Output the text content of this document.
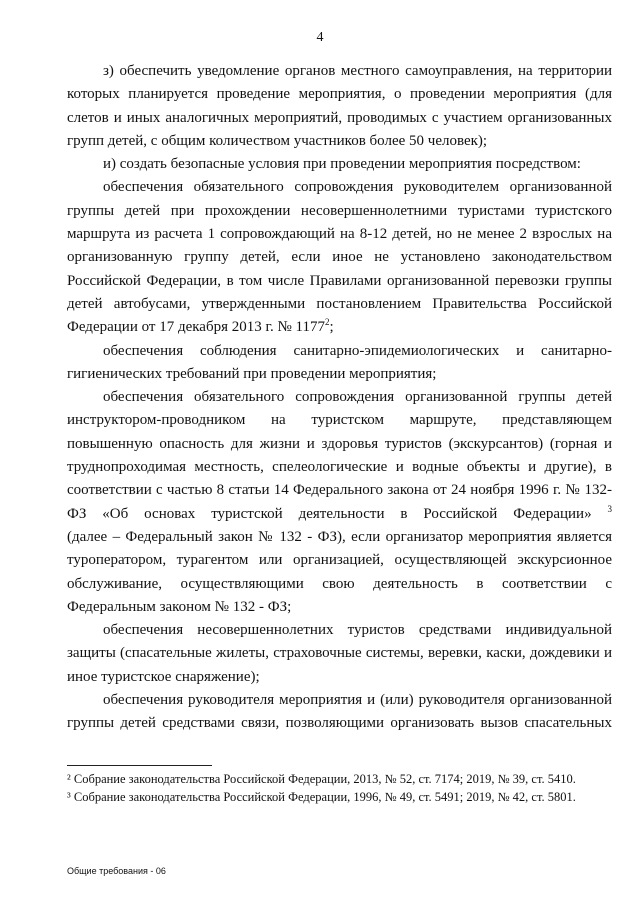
4

з) обеспечить уведомление органов местного самоуправления, на территории которых планируется проведение мероприятия, о проведении мероприятия (для слетов и иных аналогичных мероприятий, проводимых с участием организованных групп детей, с общим количеством участников более 50 человек);

и) создать безопасные условия при проведении мероприятия посредством:

обеспечения обязательного сопровождения руководителем организованной группы детей при прохождении несовершеннолетними туристами туристского маршрута из расчета 1 сопровождающий на 8-12 детей, но не менее 2 взрослых на организованную группу детей, если иное не установлено законодательством Российской Федерации, в том числе Правилами организованной перевозки группы детей автобусами, утвержденными постановлением Правительства Российской Федерации от 17 декабря 2013 г. № 1177$^2$;

обеспечения соблюдения санитарно-эпидемиологических и санитарно-гигиенических требований при проведении мероприятия;

обеспечения обязательного сопровождения организованной группы детей инструктором-проводником на туристском маршруте, представляющем повышенную опасность для жизни и здоровья туристов (экскурсантов) (горная и труднопроходимая местность, спелеологические и водные объекты и другие), в соответствии с частью 8 статьи 14 Федерального закона от 24 ноября 1996 г. № 132-ФЗ «Об основах туристской деятельности в Российской Федерации» $^3$

(далее – Федеральный закон № 132 - ФЗ), если организатор мероприятия является туроператором, турагентом или организацией, осуществляющей экскурсионное обслуживание, осуществляющими свою деятельность в соответствии с Федеральным законом № 132 - ФЗ;

обеспечения несовершеннолетних туристов средствами индивидуальной защиты (спасательные жилеты, страховочные системы, веревки, каски, дождевики и иное туристское снаряжение);

обеспечения руководителя мероприятия и (или) руководителя организованной группы детей средствами связи, позволяющими организовать вызов спасательных

² Собрание законодательства Российской Федерации, 2013, № 52, ст. 7174; 2019, № 39, ст. 5410.
³ Собрание законодательства Российской Федерации, 1996, № 49, ст. 5491; 2019, № 42, ст. 5801.
Общие требования - 06
